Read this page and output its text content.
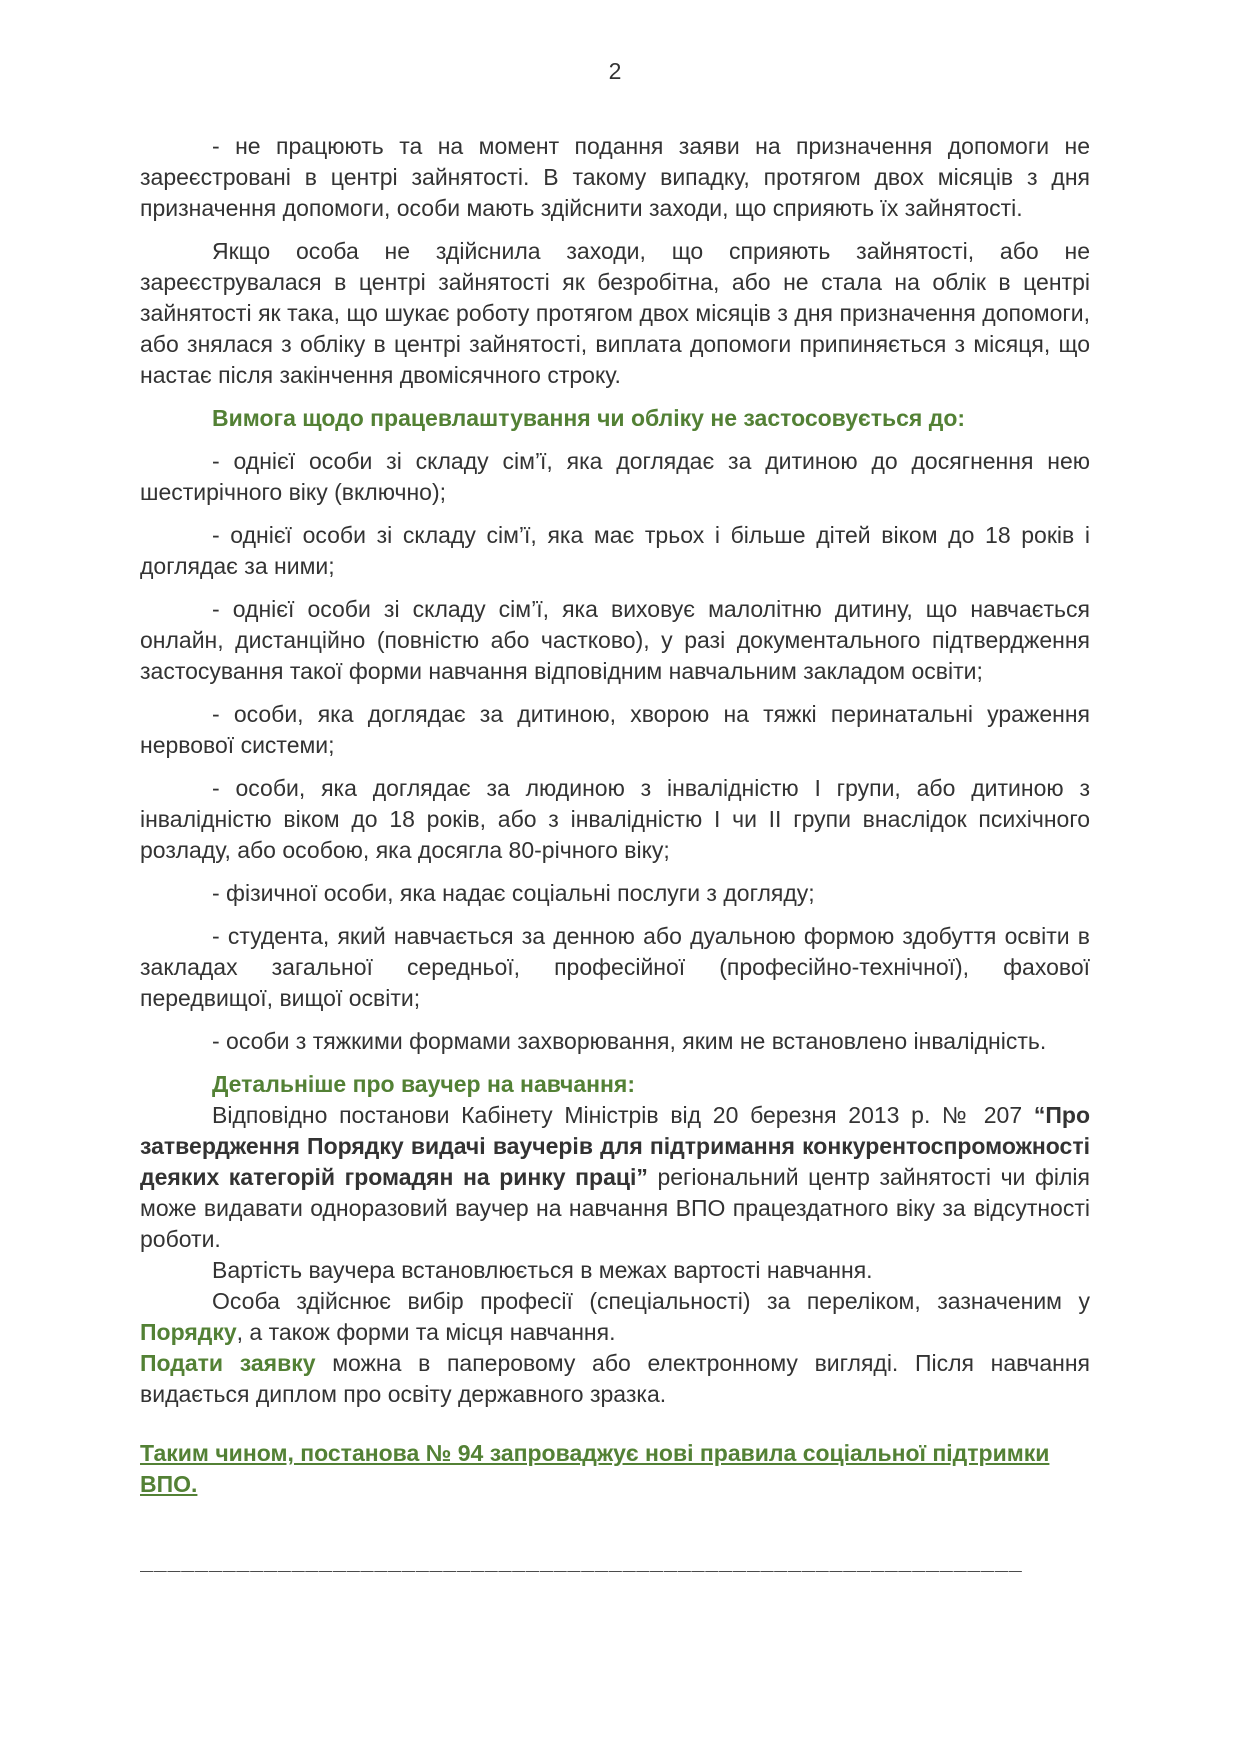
2

- не працюють та на момент подання заяви на призначення допомоги не зареєстровані в центрі зайнятості. В такому випадку, протягом двох місяців з дня призначення допомоги, особи мають здійснити заходи, що сприяють їх зайнятості.

Якщо особа не здійснила заходи, що сприяють зайнятості, або не зареєструвалася в центрі зайнятості як безробітна, або не стала на облік в центрі зайнятості як така, що шукає роботу протягом двох місяців з дня призначення допомоги, або знялася з обліку в центрі зайнятості, виплата допомоги припиняється з місяця, що настає після закінчення двомісячного строку.

Вимога щодо працевлаштування чи обліку не застосовується до:

- однієї особи зі складу сім’ї, яка доглядає за дитиною до досягнення нею шестирічного віку (включно);

- однієї особи зі складу сім’ї, яка має трьох і більше дітей віком до 18 років і доглядає за ними;

- однієї особи зі складу сім’ї, яка виховує малолітню дитину, що навчається онлайн, дистанційно (повністю або частково), у разі документального підтвердження застосування такої форми навчання відповідним навчальним закладом освіти;

- особи, яка доглядає за дитиною, хворою на тяжкі перинатальні ураження нервової системи;

- особи, яка доглядає за людиною з інвалідністю І групи, або дитиною з інвалідністю віком до 18 років, або з інвалідністю І чи ІІ групи внаслідок психічного розладу, або особою, яка досягла 80-річного віку;

- фізичної особи, яка надає соціальні послуги з догляду;

- студента, який навчається за денною або дуальною формою здобуття освіти в закладах загальної середньої, професійної (професійно-технічної), фахової передвищої, вищої освіти;

- особи з тяжкими формами захворювання, яким не встановлено інвалідність.

Детальніше про ваучер на навчання:

Відповідно постанови Кабінету Міністрів від 20 березня 2013 р. № 207 “Про затвердження Порядку видачі ваучерів для підтримання конкурентоспроможності деяких категорій громадян на ринку праці” регіональний центр зайнятості чи філія може видавати одноразовий ваучер на навчання ВПО працездатного віку за відсутності роботи.

Вартість ваучера встановлюється в межах вартості навчання.

Особа здійснює вибір професії (спеціальності) за переліком, зазначеним у Порядку, а також форми та місця навчання.

Подати заявку можна в паперовому або електронному вигляді. Після навчання видається диплом про освіту державного зразка.

Таким чином, постанова № 94 запроваджує нові правила соціальної підтримки ВПО.

________________________________________________________________
